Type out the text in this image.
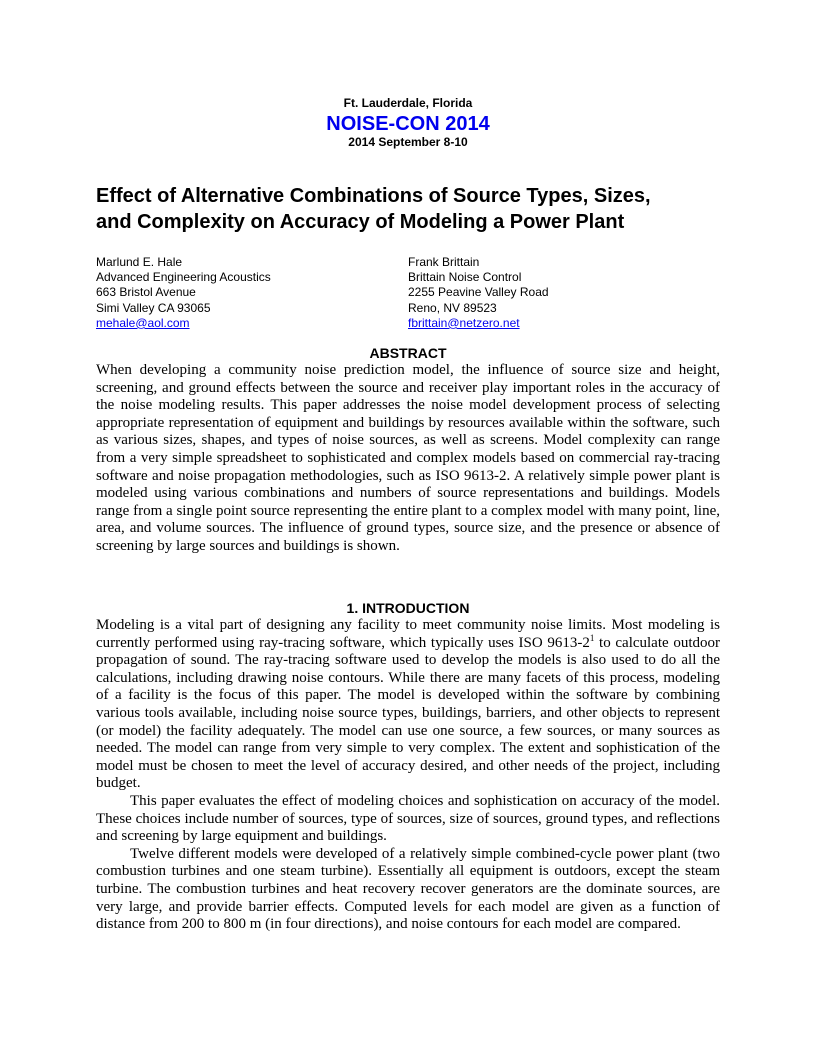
Ft. Lauderdale, Florida
NOISE-CON 2014
2014 September 8-10
Effect of Alternative Combinations of Source Types, Sizes,
and Complexity on Accuracy of Modeling a Power Plant
Marlund E. Hale
Advanced Engineering Acoustics
663 Bristol Avenue
Simi Valley CA 93065
mehale@aol.com
Frank Brittain
Brittain Noise Control
2255 Peavine Valley Road
Reno, NV 89523
fbrittain@netzero.net
ABSTRACT

When developing a community noise prediction model, the influence of source size and height, screening, and ground effects between the source and receiver play important roles in the accuracy of the noise modeling results. This paper addresses the noise model development process of selecting appropriate representation of equipment and buildings by resources available within the software, such as various sizes, shapes, and types of noise sources, as well as screens. Model complexity can range from a very simple spreadsheet to sophisticated and complex models based on commercial ray-tracing software and noise propagation methodologies, such as ISO 9613-2. A relatively simple power plant is modeled using various combinations and numbers of source representations and buildings. Models range from a single point source representing the entire plant to a complex model with many point, line, area, and volume sources. The influence of ground types, source size, and the presence or absence of screening by large sources and buildings is shown.

1. INTRODUCTION

Modeling is a vital part of designing any facility to meet community noise limits. Most modeling is currently performed using ray-tracing software, which typically uses ISO $9613-2^1$ to calculate outdoor propagation of sound. The ray-tracing software used to develop the models is also used to do all the calculations, including drawing noise contours. While there are many facets of this process, modeling of a facility is the focus of this paper. The model is developed within the software by combining various tools available, including noise source types, buildings, barriers, and other objects to represent (or model) the facility adequately. The model can use one source, a few sources, or many sources as needed. The model can range from very simple to very complex. The extent and sophistication of the model must be chosen to meet the level of accuracy desired, and other needs of the project, including budget.

This paper evaluates the effect of modeling choices and sophistication on accuracy of the model. These choices include number of sources, type of sources, size of sources, ground types, and reflections and screening by large equipment and buildings.

Twelve different models were developed of a relatively simple combined-cycle power plant (two combustion turbines and one steam turbine). Essentially all equipment is outdoors, except the steam turbine. The combustion turbines and heat recovery recover generators are the dominate sources, are very large, and provide barrier effects. Computed levels for each model are given as a function of distance from 200 to 800 m (in four directions), and noise contours for each model are compared.
